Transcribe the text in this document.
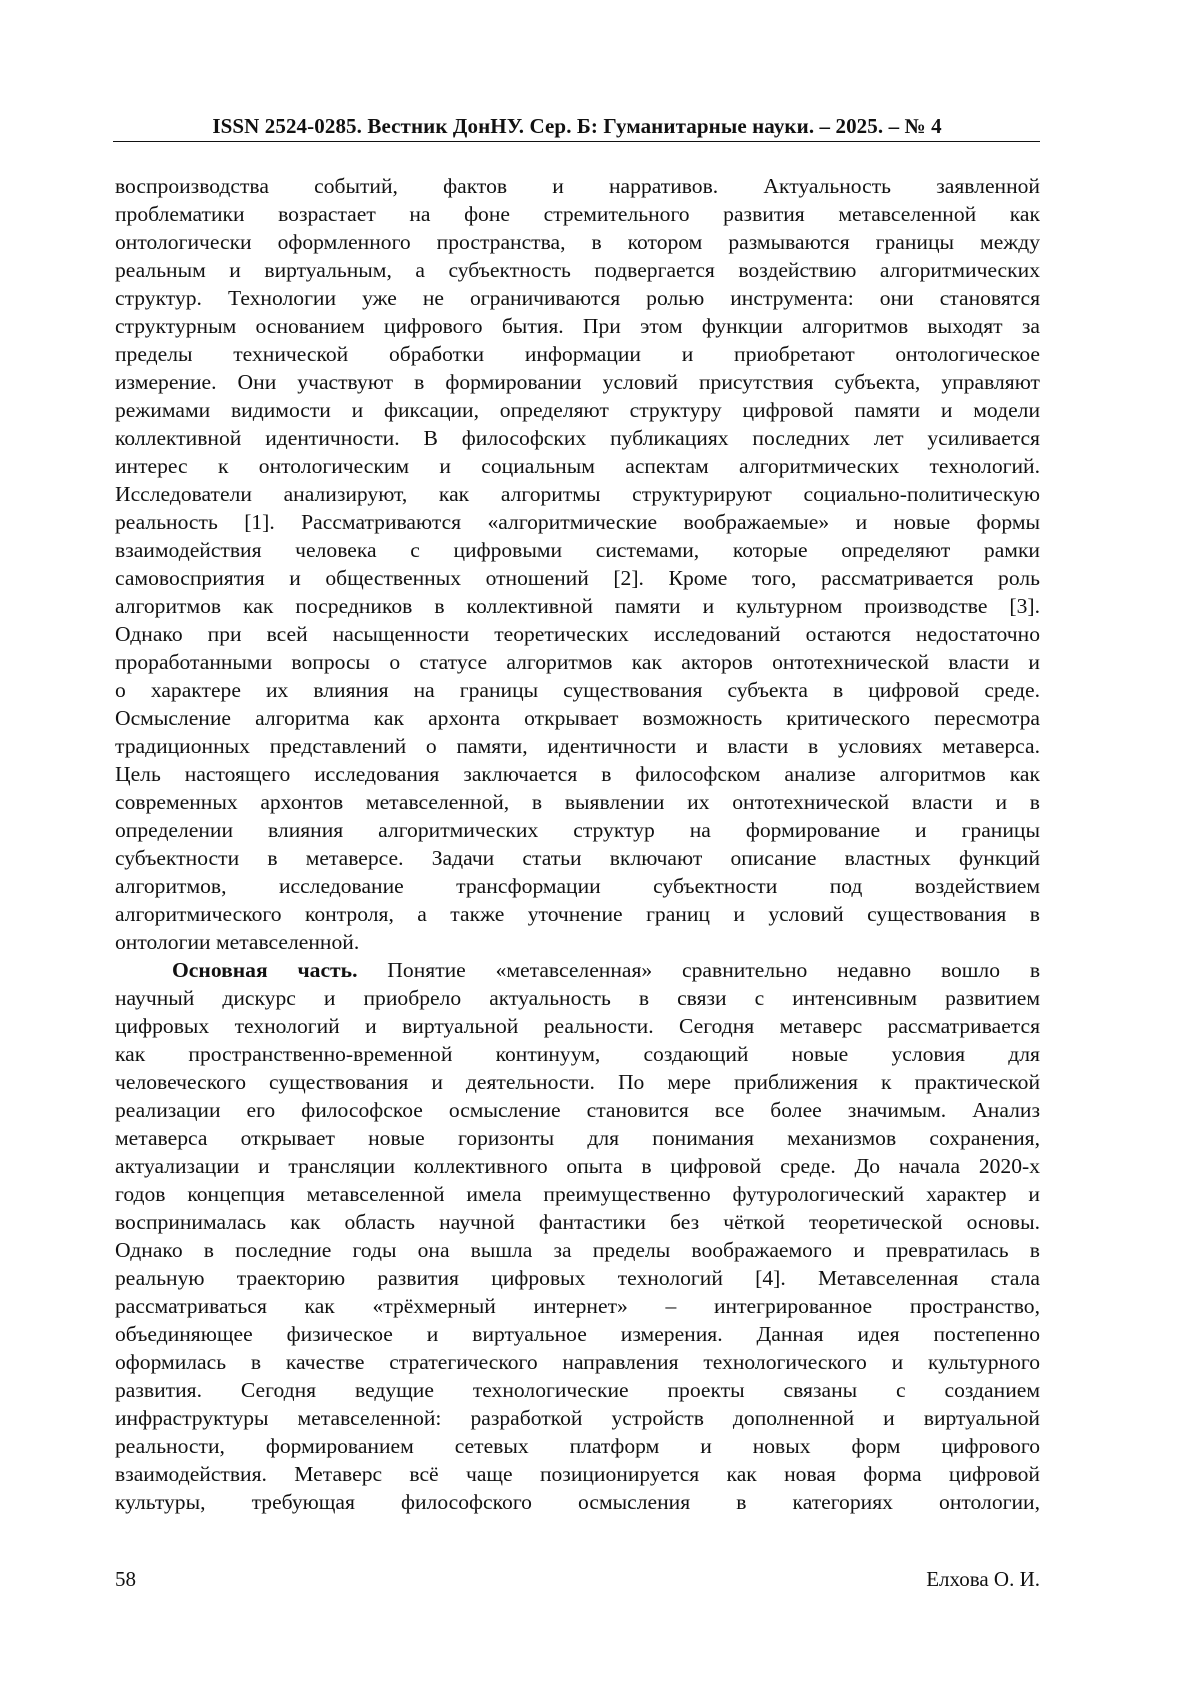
ISSN 2524-0285. Вестник ДонНУ. Сер. Б: Гуманитарные науки. – 2025. – № 4
воспроизводства событий, фактов и нарративов. Актуальность заявленной
проблематики возрастает на фоне стремительного развития метавселенной как
онтологически оформленного пространства, в котором размываются границы между
реальным и виртуальным, а субъектность подвергается воздействию алгоритмических
структур. Технологии уже не ограничиваются ролью инструмента: они становятся
структурным основанием цифрового бытия. При этом функции алгоритмов выходят за
пределы технической обработки информации и приобретают онтологическое
измерение. Они участвуют в формировании условий присутствия субъекта, управляют
режимами видимости и фиксации, определяют структуру цифровой памяти и модели
коллективной идентичности. В философских публикациях последних лет усиливается
интерес к онтологическим и социальным аспектам алгоритмических технологий.
Исследователи анализируют, как алгоритмы структурируют социально-политическую
реальность [1]. Рассматриваются «алгоритмические воображаемые» и новые формы
взаимодействия человека с цифровыми системами, которые определяют рамки
самовосприятия и общественных отношений [2]. Кроме того, рассматривается роль
алгоритмов как посредников в коллективной памяти и культурном производстве [3].
Однако при всей насыщенности теоретических исследований остаются недостаточно
проработанными вопросы о статусе алгоритмов как акторов онтотехнической власти и
о характере их влияния на границы существования субъекта в цифровой среде.
Осмысление алгоритма как архонта открывает возможность критического пересмотра
традиционных представлений о памяти, идентичности и власти в условиях метаверса.
Цель настоящего исследования заключается в философском анализе алгоритмов как
современных архонтов метавселенной, в выявлении их онтотехнической власти и в
определении влияния алгоритмических структур на формирование и границы
субъектности в метаверсе. Задачи статьи включают описание властных функций
алгоритмов, исследование трансформации субъектности под воздействием
алгоритмического контроля, а также уточнение границ и условий существования в
онтологии метавселенной.
Основная часть. Понятие «метавселенная» сравнительно недавно вошло в
научный дискурс и приобрело актуальность в связи с интенсивным развитием
цифровых технологий и виртуальной реальности. Сегодня метаверс рассматривается
как пространственно-временной континуум, создающий новые условия для
человеческого существования и деятельности. По мере приближения к практической
реализации его философское осмысление становится все более значимым. Анализ
метаверса открывает новые горизонты для понимания механизмов сохранения,
актуализации и трансляции коллективного опыта в цифровой среде. До начала 2020-х
годов концепция метавселенной имела преимущественно футурологический характер и
воспринималась как область научной фантастики без чёткой теоретической основы.
Однако в последние годы она вышла за пределы воображаемого и превратилась в
реальную траекторию развития цифровых технологий [4]. Метавселенная стала
рассматриваться как «трёхмерный интернет» – интегрированное пространство,
объединяющее физическое и виртуальное измерения. Данная идея постепенно
оформилась в качестве стратегического направления технологического и культурного
развития. Сегодня ведущие технологические проекты связаны с созданием
инфраструктуры метавселенной: разработкой устройств дополненной и виртуальной
реальности, формированием сетевых платформ и новых форм цифрового
взаимодействия. Метаверс всё чаще позиционируется как новая форма цифровой
культуры, требующая философского осмысления в категориях онтологии,
58	Елхова О. И.
